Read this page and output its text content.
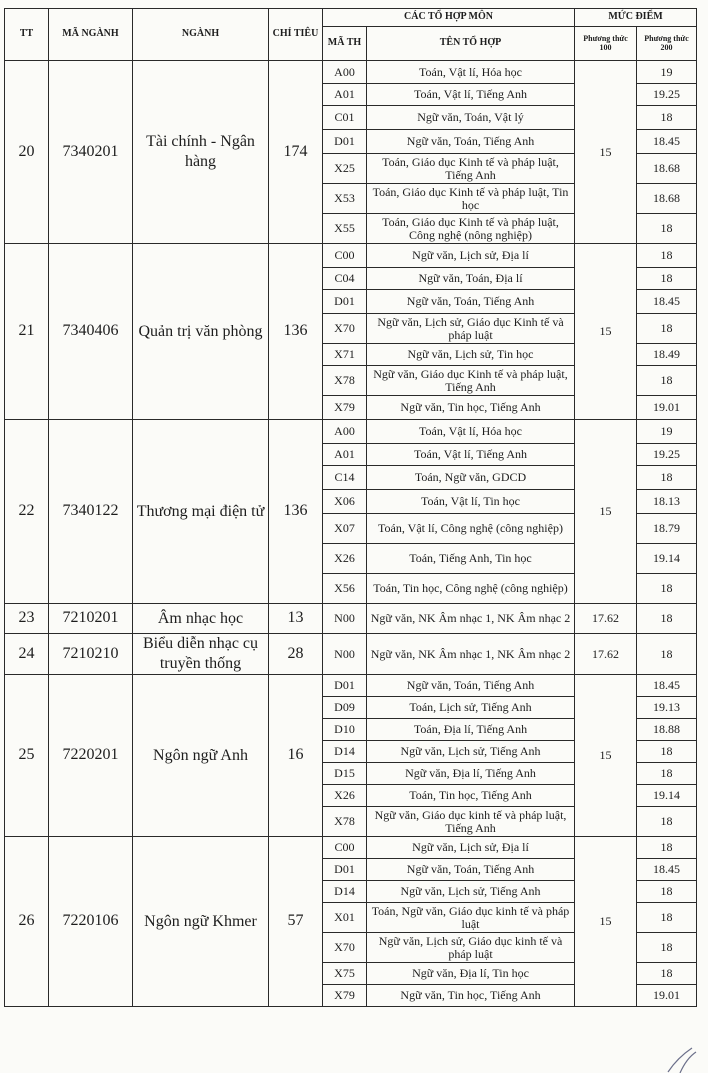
TT	MÃ NGÀNH	NGÀNH	CHỈ TIÊU	CÁC TỔ HỢP MÔN		MỨC ĐIỂM	
				MÃ TH	TÊN TỔ HỢP	Phương thức 100	Phương thức 200
20	7340201	Tài chính - Ngân hàng	174	A00	Toán, Vật lí, Hóa học	15	19
				A01	Toán, Vật lí, Tiếng Anh		19.25
				C01	Ngữ văn, Toán, Vật lý		18
				D01	Ngữ văn, Toán, Tiếng Anh		18.45
				X25	Toán, Giáo dục Kinh tế và pháp luật, Tiếng Anh		18.68
				X53	Toán, Giáo dục Kinh tế và pháp luật, Tin học		18.68
				X55	Toán, Giáo dục Kinh tế và pháp luật, Công nghệ (nông nghiệp)		18
21	7340406	Quản trị văn phòng	136	C00	Ngữ văn, Lịch sử, Địa lí	15	18
				C04	Ngữ văn, Toán, Địa lí		18
				D01	Ngữ văn, Toán, Tiếng Anh		18.45
				X70	Ngữ văn, Lịch sử, Giáo dục Kinh tế và pháp luật		18
				X71	Ngữ văn, Lịch sử, Tin học		18.49
				X78	Ngữ văn, Giáo dục Kinh tế và pháp luật, Tiếng Anh		18
				X79	Ngữ văn, Tin học, Tiếng Anh		19.01
22	7340122	Thương mại điện tử	136	A00	Toán, Vật lí, Hóa học	15	19
				A01	Toán, Vật lí, Tiếng Anh		19.25
				C14	Toán, Ngữ văn, GDCD		18
				X06	Toán, Vật lí, Tin học		18.13
				X07	Toán, Vật lí, Công nghệ (công nghiệp)		18.79
				X26	Toán, Tiếng Anh, Tin học		19.14
				X56	Toán, Tin học, Công nghệ (công nghiệp)		18
23	7210201	Âm nhạc học	13	N00	Ngữ văn, NK Âm nhạc 1, NK Âm nhạc 2	17.62	18
24	7210210	Biểu diễn nhạc cụ truyền thống	28	N00	Ngữ văn, NK Âm nhạc 1, NK Âm nhạc 2	17.62	18
25	7220201	Ngôn ngữ Anh	16	D01	Ngữ văn, Toán, Tiếng Anh	15	18.45
				D09	Toán, Lịch sử, Tiếng Anh		19.13
				D10	Toán, Địa lí, Tiếng Anh		18.88
				D14	Ngữ văn, Lịch sử, Tiếng Anh		18
				D15	Ngữ văn, Địa lí, Tiếng Anh		18
				X26	Toán, Tin học, Tiếng Anh		19.14
				X78	Ngữ văn, Giáo dục kinh tế và pháp luật, Tiếng Anh		18
26	7220106	Ngôn ngữ Khmer	57	C00	Ngữ văn, Lịch sử, Địa lí	15	18
				D01	Ngữ văn, Toán, Tiếng Anh		18.45
				D14	Ngữ văn, Lịch sử, Tiếng Anh		18
				X01	Toán, Ngữ văn, Giáo dục kinh tế và pháp luật		18
				X70	Ngữ văn, Lịch sử, Giáo dục kinh tế và pháp luật		18
				X75	Ngữ văn, Địa lí, Tin học		18
				X79	Ngữ văn, Tin học, Tiếng Anh		19.01
